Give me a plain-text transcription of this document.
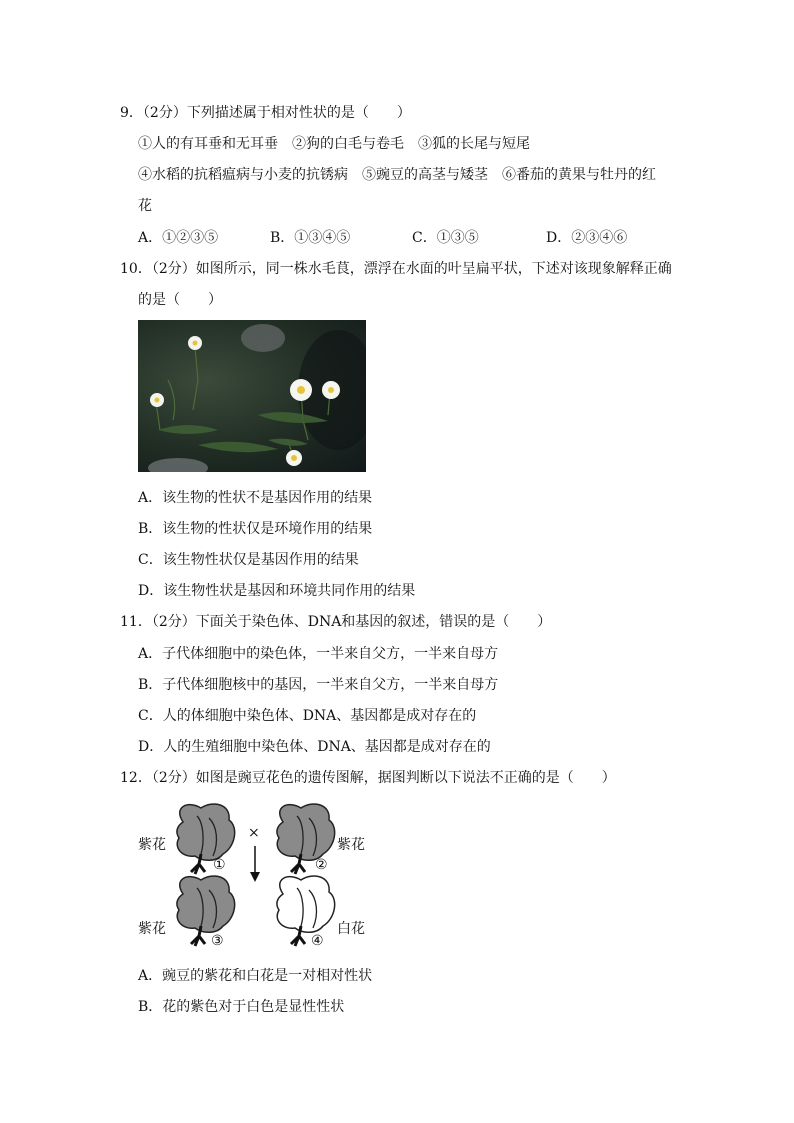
9．（2分）下列描述属于相对性状的是（　　）
①人的有耳垂和无耳垂　②狗的白毛与卷毛　③狐的长尾与短尾
④水稻的抗稻瘟病与小麦的抗锈病　⑤豌豆的高茎与矮茎　⑥番茄的黄果与牡丹的红
花
A．①②③⑤	B．①③④⑤	C．①③⑤	D．②③④⑥
10．（2分）如图所示，同一株水毛茛，漂浮在水面的叶呈扁平状，下述对该现象解释正确
的是（　　）
A．该生物的性状不是基因作用的结果
B．该生物的性状仅是环境作用的结果
C．该生物性状仅是基因作用的结果
D．该生物性状是基因和环境共同作用的结果
11．（2分）下面关于染色体、DNA和基因的叙述，错误的是（　　）
A．子代体细胞中的染色体，一半来自父方，一半来自母方
B．子代体细胞核中的基因，一半来自父方，一半来自母方
C．人的体细胞中染色体、DNA、基因都是成对存在的
D．人的生殖细胞中染色体、DNA、基因都是成对存在的
12．（2分）如图是豌豆花色的遗传图解，据图判断以下说法不正确的是（　　）
×
紫花
①
紫花
②
紫花
③
白花
④
A．豌豆的紫花和白花是一对相对性状
B．花的紫色对于白色是显性性状
